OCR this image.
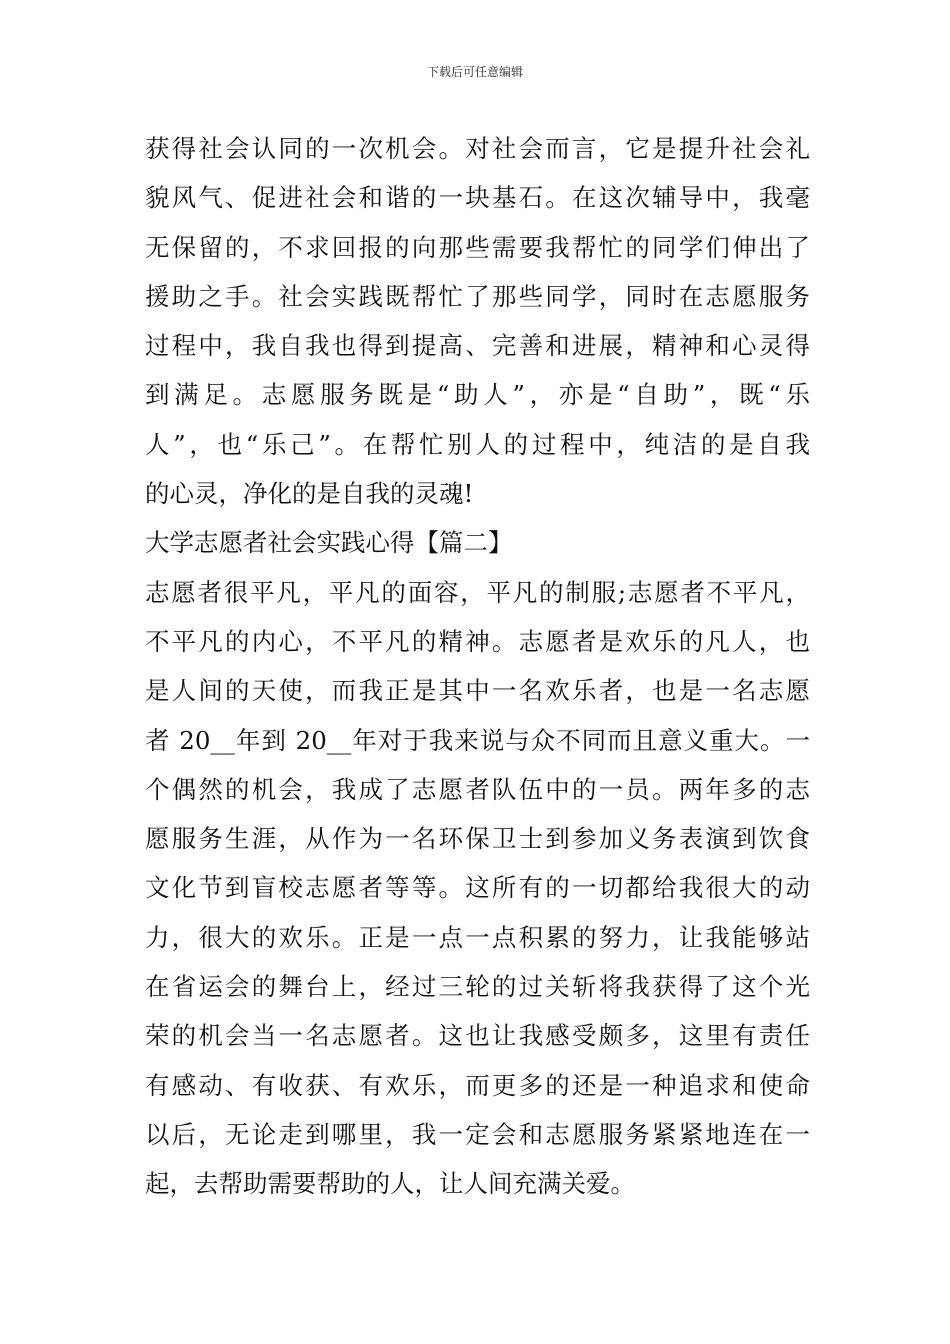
下载后可任意编辑
获得社会认同的一次机会。对社会而言，它是提升社会礼
貌风气、促进社会和谐的一块基石。在这次辅导中，我毫
无保留的，不求回报的向那些需要我帮忙的同学们伸出了
援助之手。社会实践既帮忙了那些同学，同时在志愿服务
过程中，我自我也得到提高、完善和进展，精神和心灵得
到满足。志愿服务既是“助人”，亦是“自助”，既“乐
人”，也“乐己”。在帮忙别人的过程中，纯洁的是自我
的心灵，净化的是自我的灵魂!
大学志愿者社会实践心得【篇二】
志愿者很平凡，平凡的面容，平凡的制服;志愿者不平凡，
不平凡的内心，不平凡的精神。志愿者是欢乐的凡人，也
是人间的天使，而我正是其中一名欢乐者，也是一名志愿
者 20__年到 20__年对于我来说与众不同而且意义重大。一
个偶然的机会，我成了志愿者队伍中的一员。两年多的志
愿服务生涯，从作为一名环保卫士到参加义务表演到饮食
文化节到盲校志愿者等等。这所有的一切都给我很大的动
力，很大的欢乐。正是一点一点积累的努力，让我能够站
在省运会的舞台上，经过三轮的过关斩将我获得了这个光
荣的机会当一名志愿者。这也让我感受颇多，这里有责任
有感动、有收获、有欢乐，而更多的还是一种追求和使命
以后，无论走到哪里，我一定会和志愿服务紧紧地连在一
起，去帮助需要帮助的人，让人间充满关爱。
